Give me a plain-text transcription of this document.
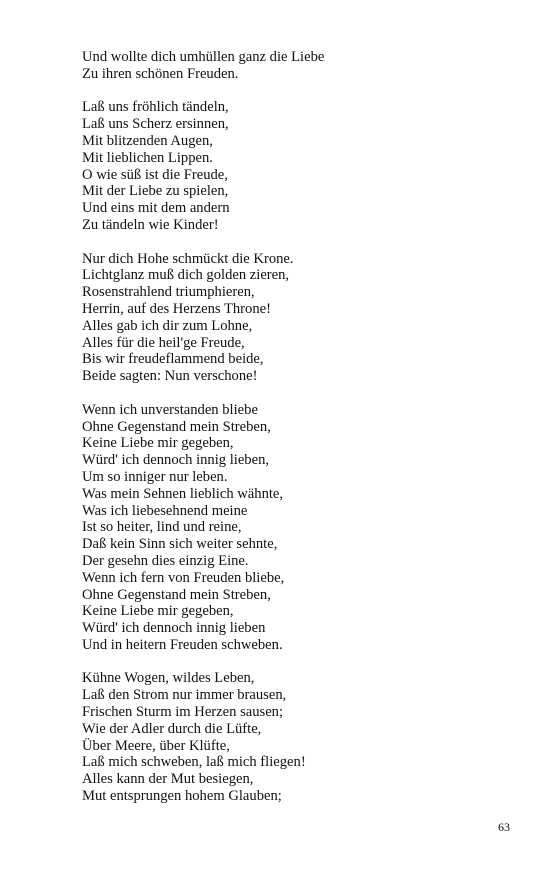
Und wollte dich umhüllen ganz die Liebe
Zu ihren schönen Freuden.
Laß uns fröhlich tändeln,
Laß uns Scherz ersinnen,
Mit blitzenden Augen,
Mit lieblichen Lippen.
O wie süß ist die Freude,
Mit der Liebe zu spielen,
Und eins mit dem andern
Zu tändeln wie Kinder!
Nur dich Hohe schmückt die Krone.
Lichtglanz muß dich golden zieren,
Rosenstrahlend triumphieren,
Herrin, auf des Herzens Throne!
Alles gab ich dir zum Lohne,
Alles für die heil'ge Freude,
Bis wir freudeflammend beide,
Beide sagten: Nun verschone!
Wenn ich unverstanden bliebe
Ohne Gegenstand mein Streben,
Keine Liebe mir gegeben,
Würd' ich dennoch innig lieben,
Um so inniger nur leben.
Was mein Sehnen lieblich wähnte,
Was ich liebesehnend meine
Ist so heiter, lind und reine,
Daß kein Sinn sich weiter sehnte,
Der gesehn dies einzig Eine.
Wenn ich fern von Freuden bliebe,
Ohne Gegenstand mein Streben,
Keine Liebe mir gegeben,
Würd' ich dennoch innig lieben
Und in heitern Freuden schweben.
Kühne Wogen, wildes Leben,
Laß den Strom nur immer brausen,
Frischen Sturm im Herzen sausen;
Wie der Adler durch die Lüfte,
Über Meere, über Klüfte,
Laß mich schweben, laß mich fliegen!
Alles kann der Mut besiegen,
Mut entsprungen hohem Glauben;
63
